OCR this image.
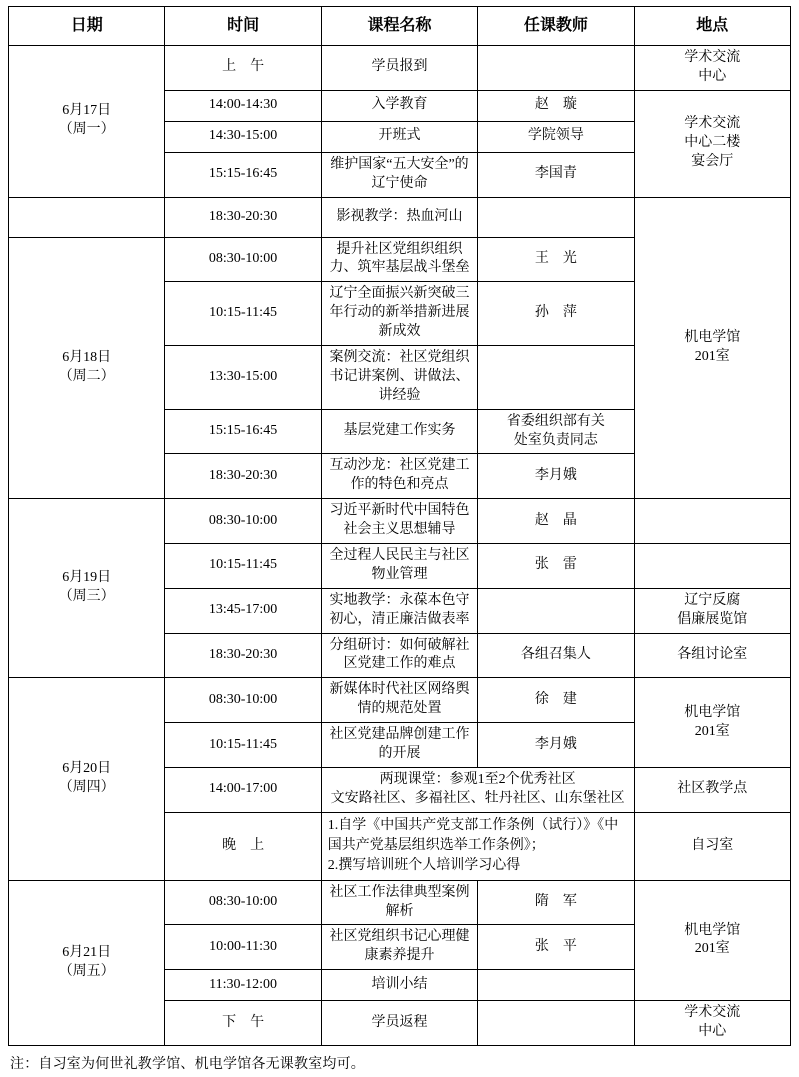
日期	时间	课程名称	任课教师	地点
6月17日
（周一）	上　午	学员报到		学术交流
中心
	14:00-14:30	入学教育	赵　璇	学术交流
中心二楼
宴会厅
	14:30-15:00	开班式	学院领导	
	15:15-16:45	维护国家“五大安全”的辽宁使命	李国青	
	18:30-20:30	影视教学：热血河山		机电学馆
201室
6月18日
（周二）	08:30-10:00	提升社区党组织组织力、筑牢基层战斗堡垒	王　光	
	10:15-11:45	辽宁全面振兴新突破三年行动的新举措新进展新成效	孙　萍	
	13:30-15:00	案例交流：社区党组织书记讲案例、讲做法、讲经验		
	15:15-16:45	基层党建工作实务	省委组织部有关
处室负责同志	
	18:30-20:30	互动沙龙：社区党建工作的特色和亮点	李月娥	
6月19日
（周三）	08:30-10:00	习近平新时代中国特色社会主义思想辅导	赵　晶	
	10:15-11:45	全过程人民民主与社区物业管理	张　雷	
	13:45-17:00	实地教学：永葆本色守初心，清正廉洁做表率		辽宁反腐
倡廉展览馆
	18:30-20:30	分组研讨：如何破解社区党建工作的难点	各组召集人	各组讨论室
6月20日
（周四）	08:30-10:00	新媒体时代社区网络舆情的规范处置	徐　建	机电学馆
201室
	10:15-11:45	社区党建品牌创建工作的开展	李月娥	
	14:00-17:00	两现课堂：参观1至2个优秀社区
文安路社区、多福社区、牡丹社区、山东堡社区		社区教学点
	晚　上	1.自学《中国共产党支部工作条例（试行）》《中国共产党基层组织选举工作条例》；
2.撰写培训班个人培训学习心得		自习室
6月21日
（周五）	08:30-10:00	社区工作法律典型案例解析	隋　军	机电学馆
201室
	10:00-11:30	社区党组织书记心理健康素养提升	张　平	
	11:30-12:00	培训小结		
	下　午	学员返程		学术交流
中心
注：自习室为何世礼教学馆、机电学馆各无课教室均可。
